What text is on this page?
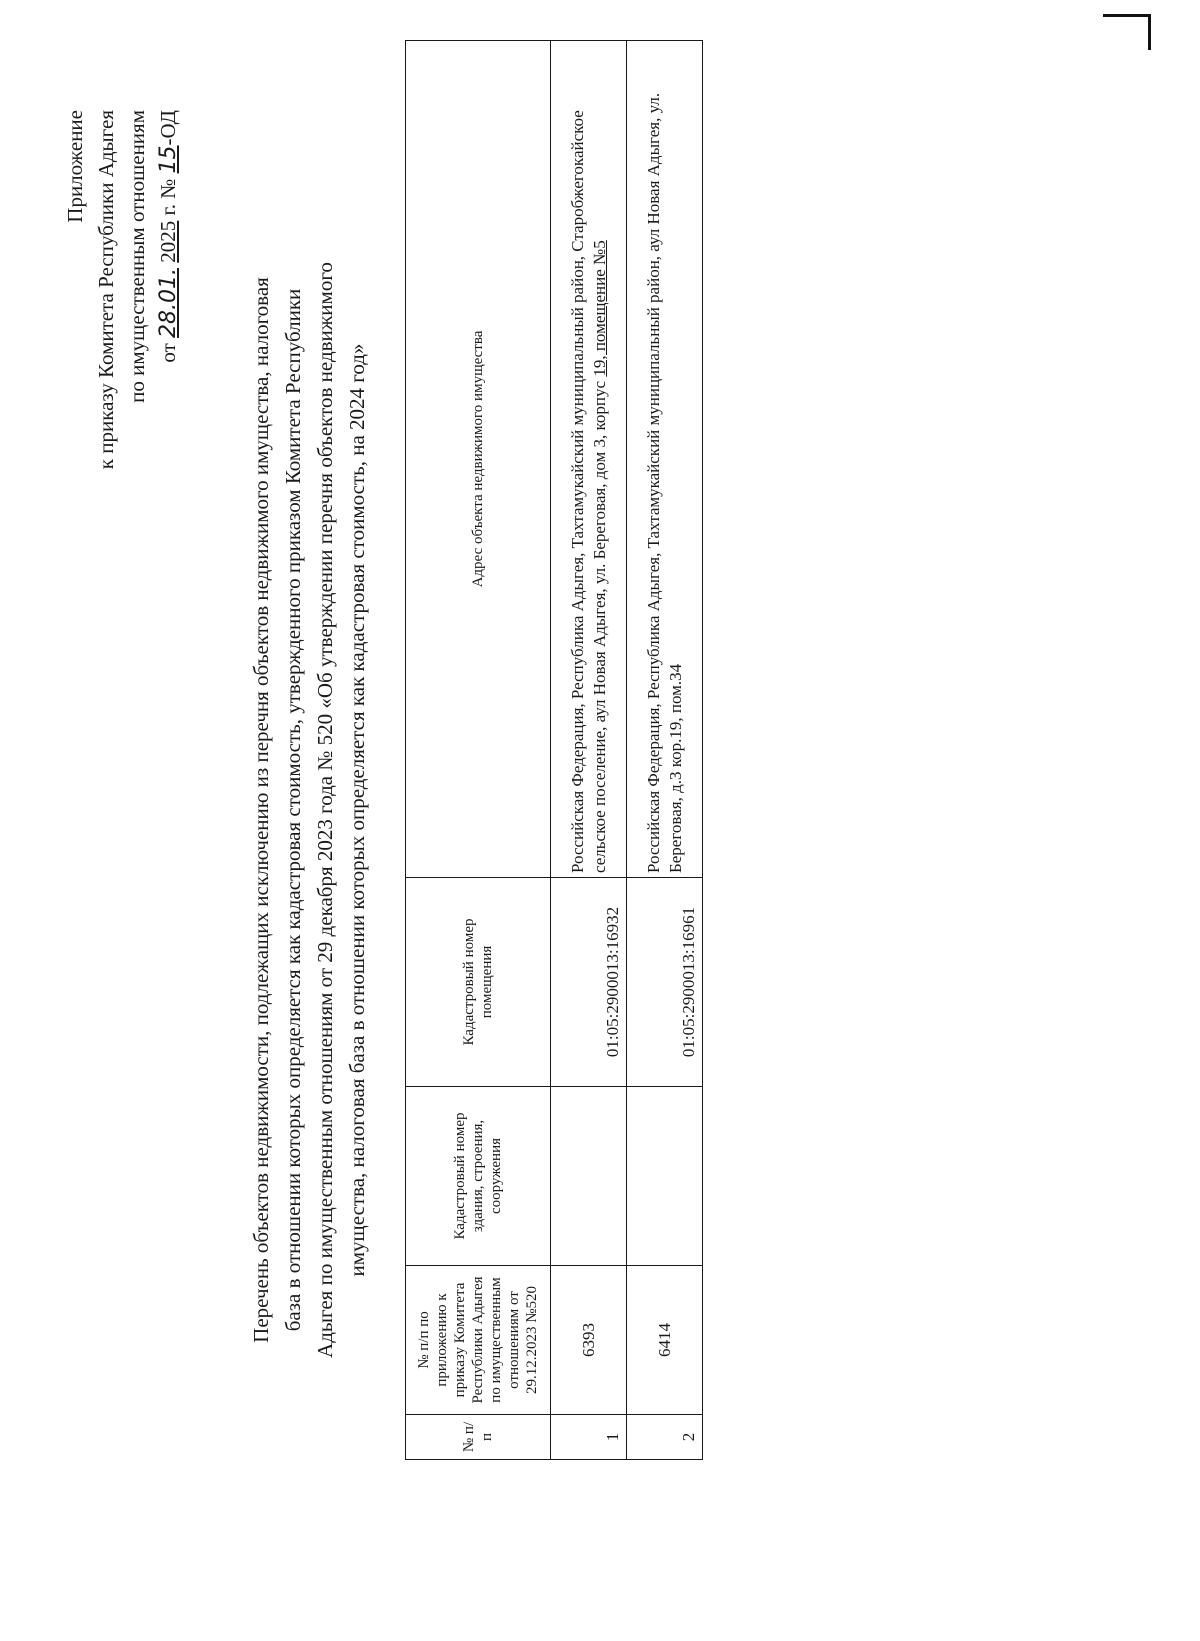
Приложение к приказу Комитета Республики Адыгея по имущественным отношениям от 28.01. 2025 г. № 15-ОД
Перечень объектов недвижимости, подлежащих исключению из перечня объектов недвижимого имущества, налоговая база в отношении которых определяется как кадастровая стоимость, утвержденного приказом Комитета Республики Адыгея по имущественным отношениям от 29 декабря 2023 года № 520 «Об утверждении перечня объектов недвижимого имущества, налоговая база в отношении которых определяется как кадастровая стоимость, на 2024 год»
№ п/п	№ п/п по приложению к приказу Комитета Республики Адыгея по имущественным отношениям от 29.12.2023 №520	Кадастровый номер здания, строения, сооружения	Кадастровый номер помещения	Адрес объекта недвижимого имущества
1	6393		01:05:2900013:16932	Российская Федерация, Республика Адыгея, Тахтамукайский муниципальный район, Старобжегокайское сельское поселение, аул Новая Адыгея, ул. Береговая, дом 3, корпус 19, помещение №5
2	6414		01:05:2900013:16961	Российская Федерация, Республика Адыгея, Тахтамукайский муниципальный район, аул Новая Адыгея, ул. Береговая, д.3 кор.19, пом.34
